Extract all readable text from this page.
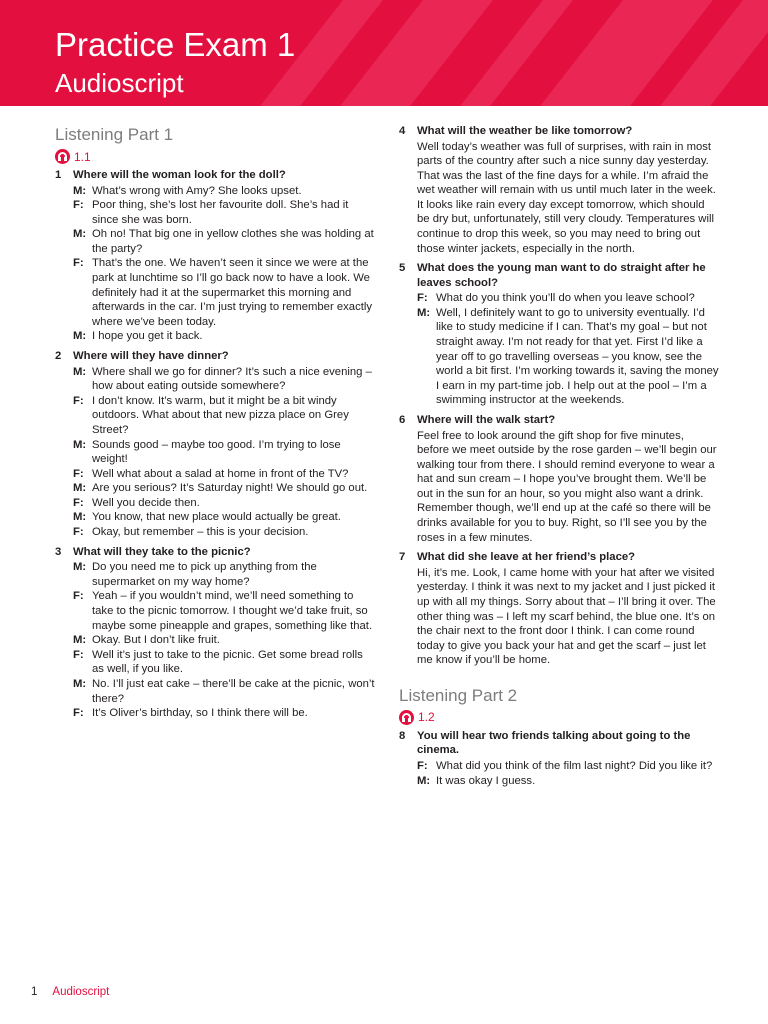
Practice Exam 1
Audioscript
Listening Part 1
1.1
1	Where will the woman look for the doll?
M: What’s wrong with Amy? She looks upset.
F: Poor thing, she’s lost her favourite doll. She’s had it since she was born.
M: Oh no! That big one in yellow clothes she was holding at the party?
F: That’s the one. We haven’t seen it since we were at the park at lunchtime so I’ll go back now to have a look. We definitely had it at the supermarket this morning and afterwards in the car. I’m just trying to remember exactly where we’ve been today.
M: I hope you get it back.
2	Where will they have dinner?
M: Where shall we go for dinner? It’s such a nice evening – how about eating outside somewhere?
F: I don’t know. It’s warm, but it might be a bit windy outdoors. What about that new pizza place on Grey Street?
M: Sounds good – maybe too good. I’m trying to lose weight!
F: Well what about a salad at home in front of the TV?
M: Are you serious? It’s Saturday night! We should go out.
F: Well you decide then.
M: You know, that new place would actually be great.
F: Okay, but remember – this is your decision.
3	What will they take to the picnic?
M: Do you need me to pick up anything from the supermarket on my way home?
F: Yeah – if you wouldn’t mind, we’ll need something to take to the picnic tomorrow. I thought we’d take fruit, so maybe some pineapple and grapes, something like that.
M: Okay. But I don’t like fruit.
F: Well it’s just to take to the picnic. Get some bread rolls as well, if you like.
M: No. I’ll just eat cake – there’ll be cake at the picnic, won’t there?
F: It’s Oliver’s birthday, so I think there will be.
4	What will the weather be like tomorrow?
Well today’s weather was full of surprises, with rain in most parts of the country after such a nice sunny day yesterday. That was the last of the fine days for a while. I’m afraid the wet weather will remain with us until much later in the week. It looks like rain every day except tomorrow, which should be dry but, unfortunately, still very cloudy. Temperatures will continue to drop this week, so you may need to bring out those winter jackets, especially in the north.
5	What does the young man want to do straight after he leaves school?
F: What do you think you’ll do when you leave school?
M: Well, I definitely want to go to university eventually. I’d like to study medicine if I can. That’s my goal – but not straight away. I’m not ready for that yet. First I’d like a year off to go travelling overseas – you know, see the world a bit first. I’m working towards it, saving the money I earn in my part-time job. I help out at the pool – I’m a swimming instructor at the weekends.
6	Where will the walk start?
Feel free to look around the gift shop for five minutes, before we meet outside by the rose garden – we’ll begin our walking tour from there. I should remind everyone to wear a hat and sun cream – I hope you’ve brought them. We’ll be out in the sun for an hour, so you might also want a drink. Remember though, we’ll end up at the café so there will be drinks available for you to buy. Right, so I’ll see you by the roses in a few minutes.
7	What did she leave at her friend’s place?
Hi, it’s me. Look, I came home with your hat after we visited yesterday. I think it was next to my jacket and I just picked it up with all my things. Sorry about that – I’ll bring it over. The other thing was – I left my scarf behind, the blue one. It’s on the chair next to the front door I think. I can come round today to give you back your hat and get the scarf – just let me know if you’ll be home.
Listening Part 2
1.2
8	You will hear two friends talking about going to the cinema.
F: What did you think of the film last night? Did you like it?
M: It was okay I guess.
1 Audioscript
